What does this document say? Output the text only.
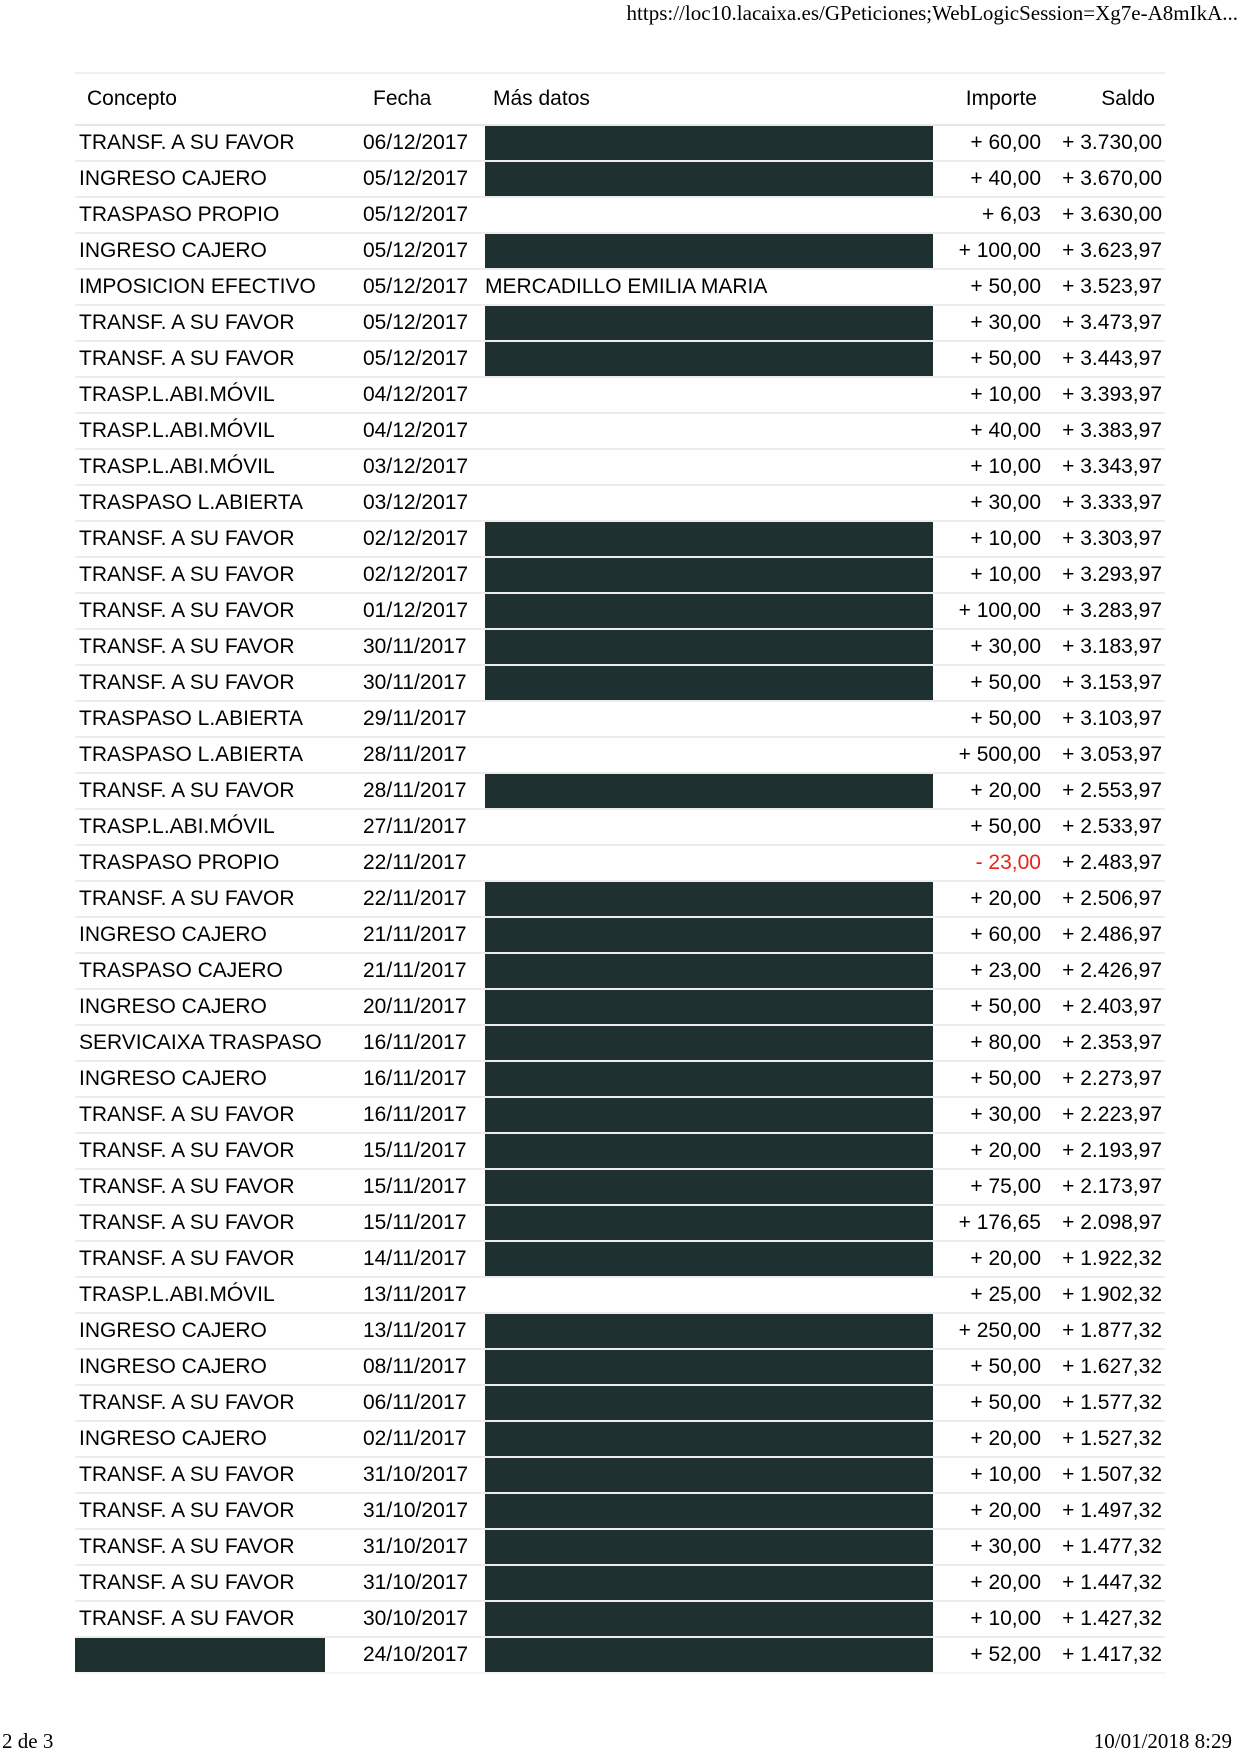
https://loc10.lacaixa.es/GPeticiones;WebLogicSession=Xg7e-A8mIkA...
Concepto	Fecha	Más datos	Importe	Saldo
TRANSF. A SU FAVOR	06/12/2017		+ 60,00	+ 3.730,00
INGRESO CAJERO	05/12/2017		+ 40,00	+ 3.670,00
TRASPASO PROPIO	05/12/2017		+ 6,03	+ 3.630,00
INGRESO CAJERO	05/12/2017		+ 100,00	+ 3.623,97
IMPOSICION EFECTIVO	05/12/2017	MERCADILLO EMILIA MARIA	+ 50,00	+ 3.523,97
TRANSF. A SU FAVOR	05/12/2017		+ 30,00	+ 3.473,97
TRANSF. A SU FAVOR	05/12/2017		+ 50,00	+ 3.443,97
TRASP.L.ABI.MÓVIL	04/12/2017		+ 10,00	+ 3.393,97
TRASP.L.ABI.MÓVIL	04/12/2017		+ 40,00	+ 3.383,97
TRASP.L.ABI.MÓVIL	03/12/2017		+ 10,00	+ 3.343,97
TRASPASO L.ABIERTA	03/12/2017		+ 30,00	+ 3.333,97
TRANSF. A SU FAVOR	02/12/2017		+ 10,00	+ 3.303,97
TRANSF. A SU FAVOR	02/12/2017		+ 10,00	+ 3.293,97
TRANSF. A SU FAVOR	01/12/2017		+ 100,00	+ 3.283,97
TRANSF. A SU FAVOR	30/11/2017		+ 30,00	+ 3.183,97
TRANSF. A SU FAVOR	30/11/2017		+ 50,00	+ 3.153,97
TRASPASO L.ABIERTA	29/11/2017		+ 50,00	+ 3.103,97
TRASPASO L.ABIERTA	28/11/2017		+ 500,00	+ 3.053,97
TRANSF. A SU FAVOR	28/11/2017		+ 20,00	+ 2.553,97
TRASP.L.ABI.MÓVIL	27/11/2017		+ 50,00	+ 2.533,97
TRASPASO PROPIO	22/11/2017		- 23,00	+ 2.483,97
TRANSF. A SU FAVOR	22/11/2017		+ 20,00	+ 2.506,97
INGRESO CAJERO	21/11/2017		+ 60,00	+ 2.486,97
TRASPASO CAJERO	21/11/2017		+ 23,00	+ 2.426,97
INGRESO CAJERO	20/11/2017		+ 50,00	+ 2.403,97
SERVICAIXA TRASPASO	16/11/2017		+ 80,00	+ 2.353,97
INGRESO CAJERO	16/11/2017		+ 50,00	+ 2.273,97
TRANSF. A SU FAVOR	16/11/2017		+ 30,00	+ 2.223,97
TRANSF. A SU FAVOR	15/11/2017		+ 20,00	+ 2.193,97
TRANSF. A SU FAVOR	15/11/2017		+ 75,00	+ 2.173,97
TRANSF. A SU FAVOR	15/11/2017		+ 176,65	+ 2.098,97
TRANSF. A SU FAVOR	14/11/2017		+ 20,00	+ 1.922,32
TRASP.L.ABI.MÓVIL	13/11/2017		+ 25,00	+ 1.902,32
INGRESO CAJERO	13/11/2017		+ 250,00	+ 1.877,32
INGRESO CAJERO	08/11/2017		+ 50,00	+ 1.627,32
TRANSF. A SU FAVOR	06/11/2017		+ 50,00	+ 1.577,32
INGRESO CAJERO	02/11/2017		+ 20,00	+ 1.527,32
TRANSF. A SU FAVOR	31/10/2017		+ 10,00	+ 1.507,32
TRANSF. A SU FAVOR	31/10/2017		+ 20,00	+ 1.497,32
TRANSF. A SU FAVOR	31/10/2017		+ 30,00	+ 1.477,32
TRANSF. A SU FAVOR	31/10/2017		+ 20,00	+ 1.447,32
TRANSF. A SU FAVOR	30/10/2017		+ 10,00	+ 1.427,32

	24/10/2017		+ 52,00	+ 1.417,32
2 de 3	10/01/2018 8:29
